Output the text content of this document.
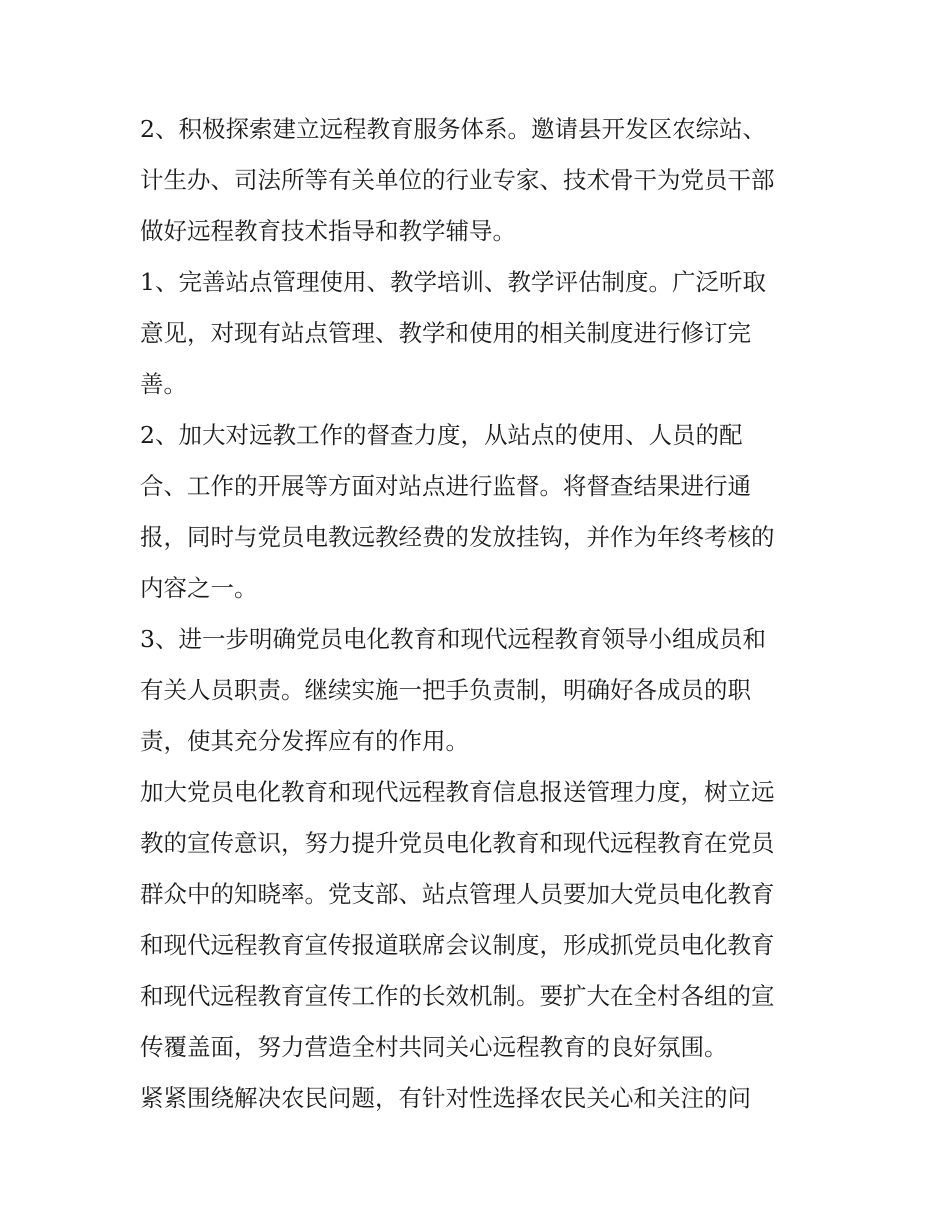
2、积极探索建立远程教育服务体系。邀请县开发区农综站、
计生办、司法所等有关单位的行业专家、技术骨干为党员干部
做好远程教育技术指导和教学辅导。

1、完善站点管理使用、教学培训、教学评估制度。广泛听取
意见，对现有站点管理、教学和使用的相关制度进行修订完
善。

2、加大对远教工作的督查力度，从站点的使用、人员的配
合、工作的开展等方面对站点进行监督。将督查结果进行通
报，同时与党员电教远教经费的发放挂钩，并作为年终考核的
内容之一。

3、进一步明确党员电化教育和现代远程教育领导小组成员和
有关人员职责。继续实施一把手负责制，明确好各成员的职
责，使其充分发挥应有的作用。

加大党员电化教育和现代远程教育信息报送管理力度，树立远
教的宣传意识，努力提升党员电化教育和现代远程教育在党员
群众中的知晓率。党支部、站点管理人员要加大党员电化教育
和现代远程教育宣传报道联席会议制度，形成抓党员电化教育
和现代远程教育宣传工作的长效机制。要扩大在全村各组的宣
传覆盖面，努力营造全村共同关心远程教育的良好氛围。

紧紧围绕解决农民问题，有针对性选择农民关心和关注的问
